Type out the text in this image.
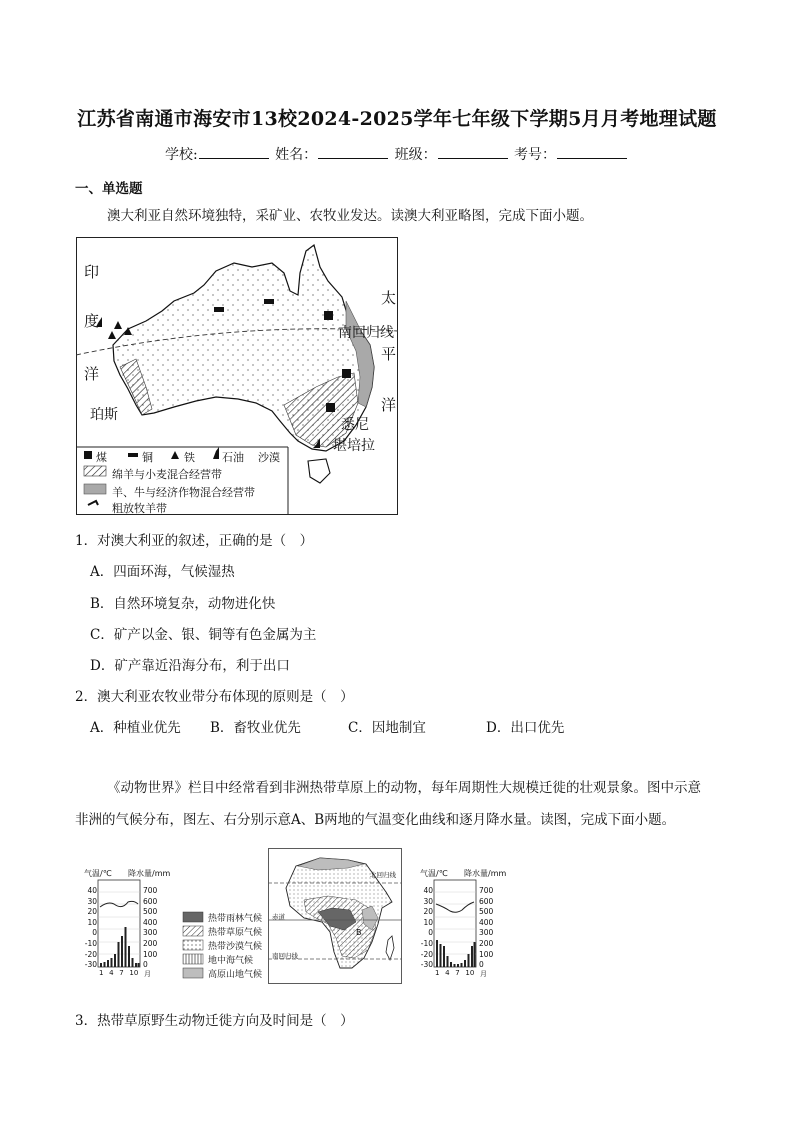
江苏省南通市海安市13校2024-2025学年七年级下学期5月月考地理试题
学校:	姓名：	班级：	考号：
一、单选题
澳大利亚自然环境独特，采矿业、农牧业发达。读澳大利亚略图，完成下面小题。
印
度
洋
太
平
洋
南回归线
珀斯
悉尼
堪培拉
煤	铜	铁 石油 沙漠
绵羊与小麦混合经营带
羊、牛与经济作物混合经营带
粗放牧羊带
1．对澳大利亚的叙述，正确的是（　）
A．四面环海，气候湿热
B．自然环境复杂，动物进化快
C．矿产以金、银、铜等有色金属为主
D．矿产靠近沿海分布，利于出口
2．澳大利亚农牧业带分布体现的原则是（　）
A．种植业优先 B．畜牧业优先	C．因地制宜	D．出口优先
《动物世界》栏目中经常看到非洲热带草原上的动物，每年周期性大规模迁徙的壮观景象。图中示意
非洲的气候分布，图左、右分别示意A、B两地的气温变化曲线和逐月降水量。读图，完成下面小题。
气温/℃ 降水量/mm
40
30
20
10
0
-10
-20
-30
700
600
500
400
300
200
100
0
1 4 7 10 月
热带雨林气候
热带草原气候
热带沙漠气候
地中海气候
高原山地气候
北回归线
赤道
南回归线
A
B
气温/℃ 降水量/mm
40
30
20
10
0
-10
-20
-30
700
600
500
400
300
200
100
0
1 4 7 10 月
3．热带草原野生动物迁徙方向及时间是（　）
